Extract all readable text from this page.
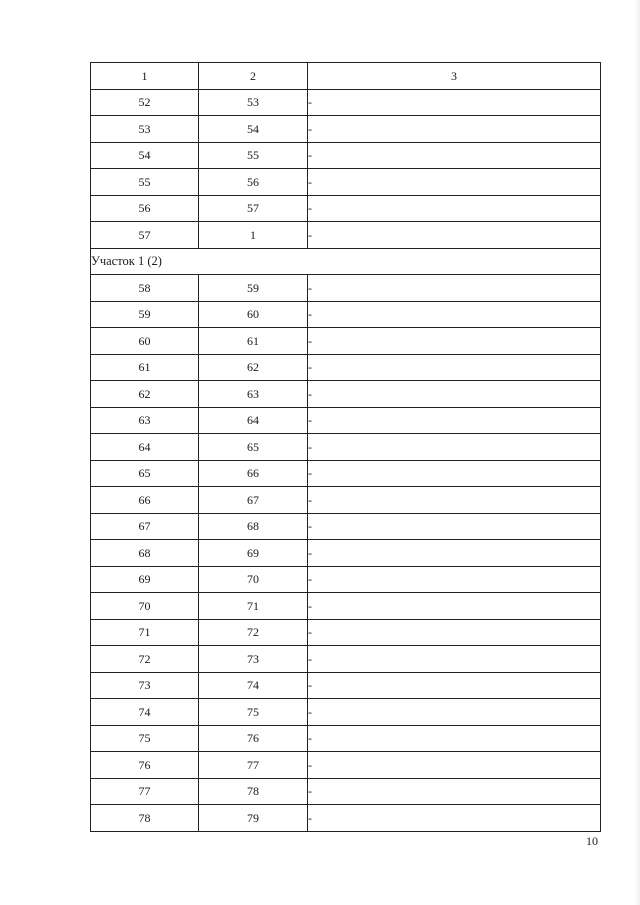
1	2	3
52	53	-
53	54	-
54	55	-
55	56	-
56	57	-
57	1	-
Участок 1 (2)		
58	59	-
59	60	-
60	61	-
61	62	-
62	63	-
63	64	-
64	65	-
65	66	-
66	67	-
67	68	-
68	69	-
69	70	-
70	71	-
71	72	-
72	73	-
73	74	-
74	75	-
75	76	-
76	77	-
77	78	-
78	79	-
10
